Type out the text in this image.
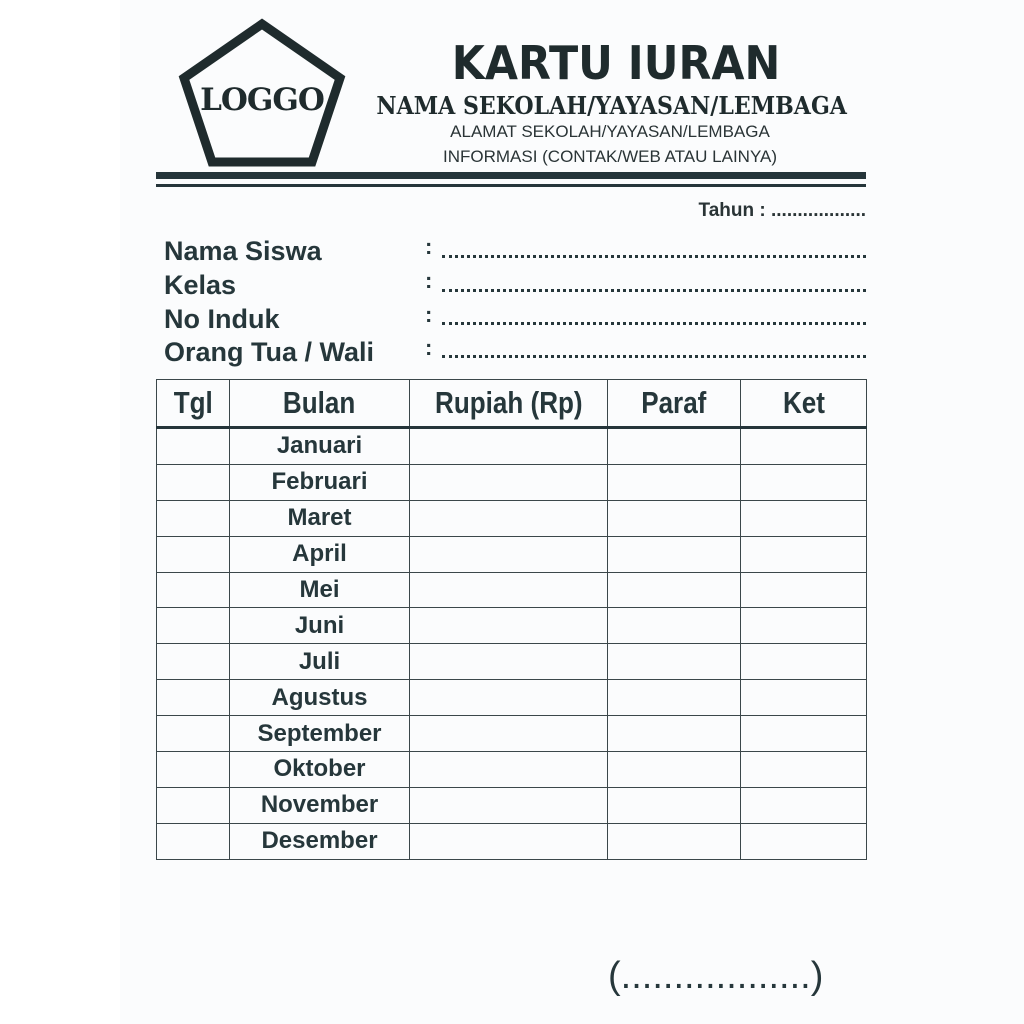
LOGGO
KARTU IURAN
NAMA SEKOLAH/YAYASAN/LEMBAGA
ALAMAT SEKOLAH/YAYASAN/LEMBAGA
INFORMASI (CONTAK/WEB ATAU LAINYA)
Tahun : ..................
Nama Siswa	:
Kelas	:
No Induk	:
Orang Tua / Wali :
Tgl	Bulan	Rupiah (Rp)	Paraf	Ket
	Januari			
	Februari			
	Maret			
	April			
	Mei			
	Juni			
	Juli			
	Agustus			
	September			
	Oktober			
	November			
	Desember			
(..................)
